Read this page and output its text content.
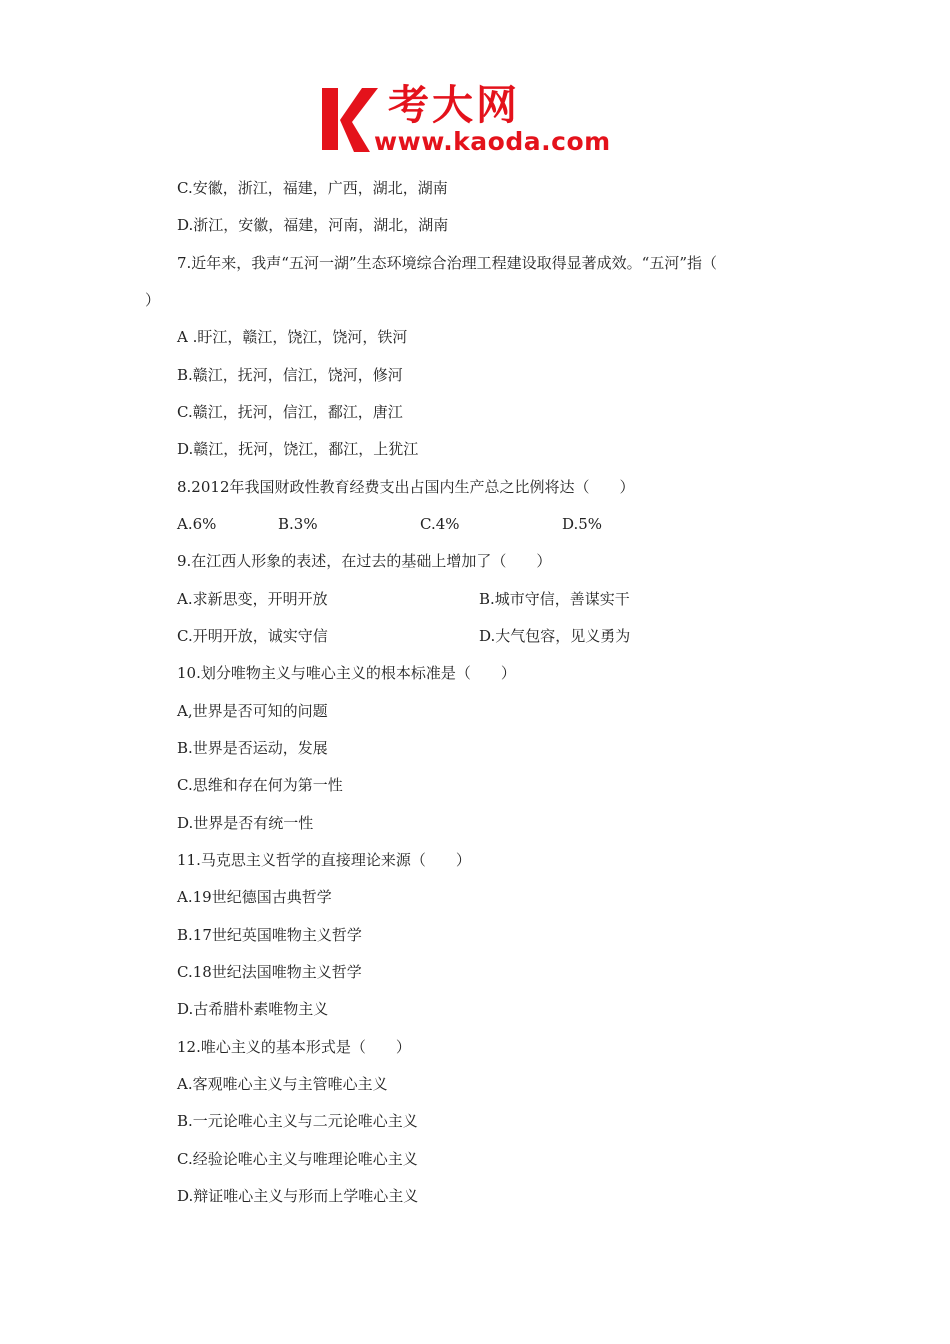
考大网
www.kaoda.com
C.安徽，浙江，福建，广西，湖北，湖南
D.浙江，安徽，福建，河南，湖北，湖南
7.近年来，我声“五河一湖”生态环境综合治理工程建设取得显著成效。“五河”指（
）
A .盱江，赣江，饶江，饶河，铁河
B.赣江，抚河，信江，饶河，修河
C.赣江，抚河，信江，鄱江，唐江
D.赣江，抚河，饶江，鄱江，上犹江
8.2012年我国财政性教育经费支出占国内生产总之比例将达（　　）
A.6%	B.3%	C.4%	D.5%
9.在江西人形象的表述，在过去的基础上增加了（　　）
A.求新思变，开明开放	B.城市守信，善谋实干
C.开明开放，诚实守信	D.大气包容，见义勇为
10.划分唯物主义与唯心主义的根本标准是（　　）
A,世界是否可知的问题
B.世界是否运动，发展
C.思维和存在何为第一性
D.世界是否有统一性
11.马克思主义哲学的直接理论来源（　　）
A.19世纪德国古典哲学
B.17世纪英国唯物主义哲学
C.18世纪法国唯物主义哲学
D.古希腊朴素唯物主义
12.唯心主义的基本形式是（　　）
A.客观唯心主义与主管唯心主义
B.一元论唯心主义与二元论唯心主义
C.经验论唯心主义与唯理论唯心主义
D.辩证唯心主义与形而上学唯心主义
